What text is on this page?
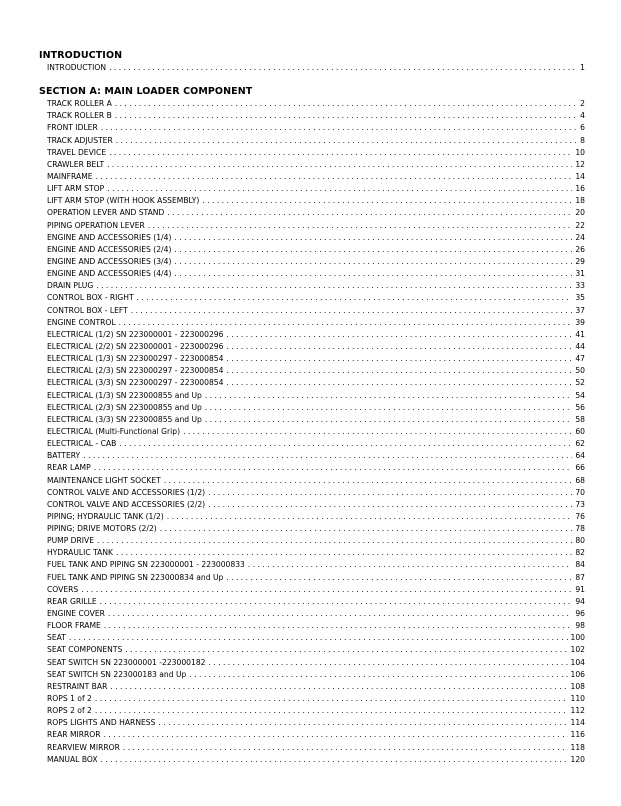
INTRODUCTION
INTRODUCTION . . .	1
SECTION A: MAIN LOADER COMPONENT
TRACK ROLLER A . . .	2
TRACK ROLLER B . . .	4
FRONT IDLER . . .	6
TRACK ADJUSTER . . .	8
TRAVEL DEVICE . . .	10
CRAWLER BELT . . .	12
MAINFRAME . . .	14
LIFT ARM STOP . . .	16
LIFT ARM STOP (WITH HOOK ASSEMBLY) . . .	18
OPERATION LEVER AND STAND . . .	20
PIPING OPERATION LEVER . . .	22
ENGINE AND ACCESSORIES (1/4) . . .	24
ENGINE AND ACCESSORIES (2/4) . . .	26
ENGINE AND ACCESSORIES (3/4) . . .	29
ENGINE AND ACCESSORIES (4/4) . . .	31
DRAIN PLUG . . .	33
CONTROL BOX - RIGHT . . .	35
CONTROL BOX - LEFT . . .	37
ENGINE CONTROL . . .	39
ELECTRICAL (1/2) SN 223000001 - 223000296 . . .	41
ELECTRICAL (2/2) SN 223000001 - 223000296 . . .	44
ELECTRICAL (1/3) SN 223000297 - 223000854 . . .	47
ELECTRICAL (2/3) SN 223000297 - 223000854 . . .	50
ELECTRICAL (3/3) SN 223000297 - 223000854 . . .	52
ELECTRICAL (1/3) SN 223000855 and Up . . .	54
ELECTRICAL (2/3) SN 223000855 and Up . . .	56
ELECTRICAL (3/3) SN 223000855 and Up . . .	58
ELECTRICAL (Multi-Functional Grip) . . .	60
ELECTRICAL - CAB . . .	62
BATTERY . . .	64
REAR LAMP . . .	66
MAINTENANCE LIGHT SOCKET . . .	68
CONTROL VALVE AND ACCESSORIES (1/2) . . .	70
CONTROL VALVE AND ACCESSORIES (2/2) . . .	73
PIPING; HYDRAULIC TANK (1/2) . . .	76
PIPING; DRIVE MOTORS (2/2) . . .	78
PUMP DRIVE . . .	80
HYDRAULIC TANK . . .	82
FUEL TANK AND PIPING SN 223000001 - 223000833 . . .	84
FUEL TANK AND PIPING SN 223000834 and Up . . .	87
COVERS . . .	91
REAR GRILLE . . .	94
ENGINE COVER . . .	96
FLOOR FRAME . . .	98
SEAT . . .	100
SEAT COMPONENTS . . .	102
SEAT SWITCH SN 223000001 -223000182 . . .	104
SEAT SWITCH SN 223000183 and Up . . .	106
RESTRAINT BAR . . .	108
ROPS 1 of 2 . . .	110
ROPS 2 of 2 . . .	112
ROPS LIGHTS AND HARNESS . . .	114
REAR MIRROR . . .	116
REARVIEW MIRROR . . .	118
MANUAL BOX . . .	120
